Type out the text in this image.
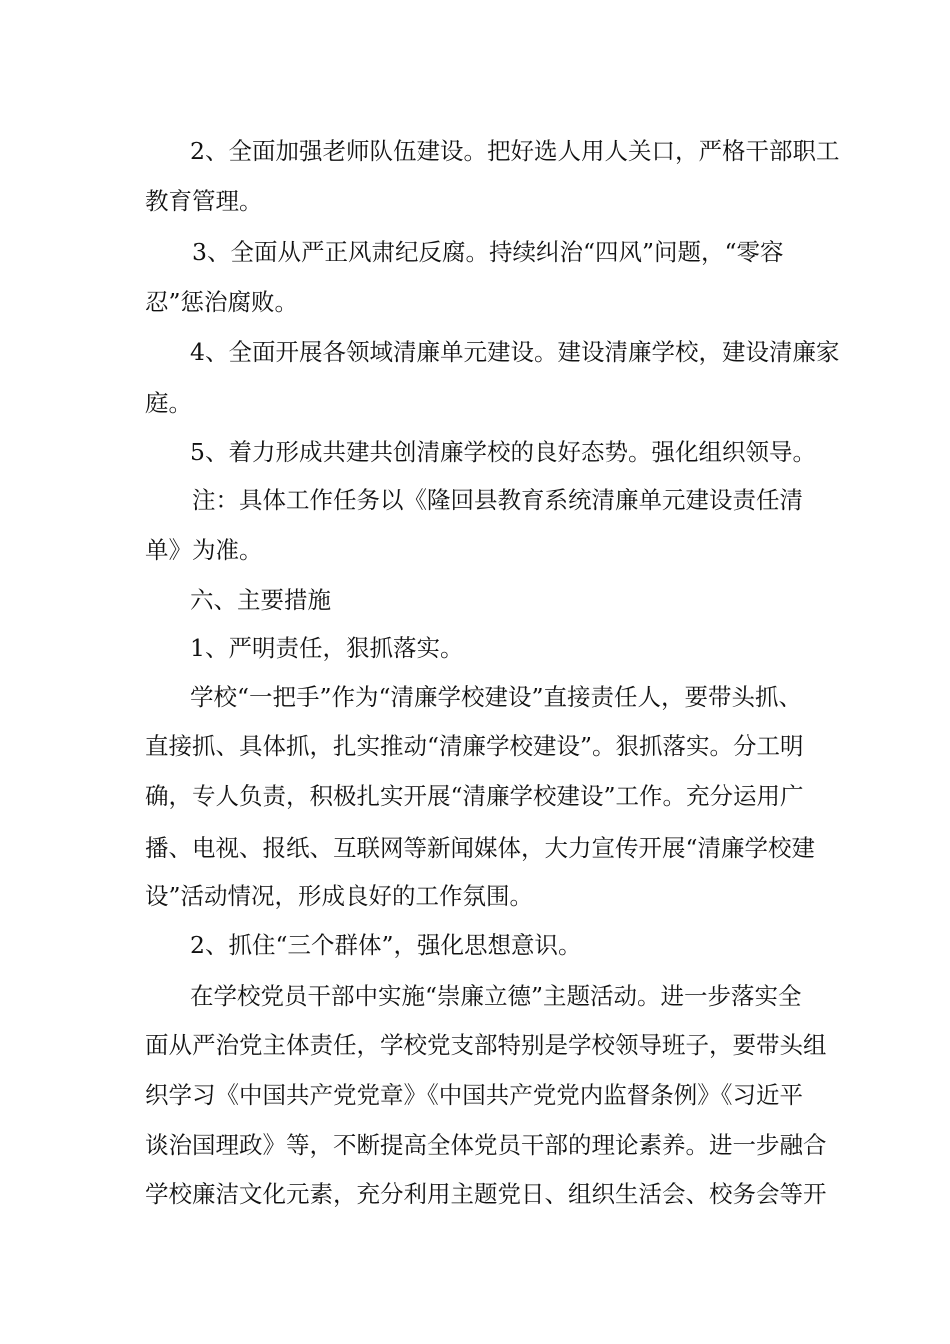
2、全面加强老师队伍建设。把好选人用人关口，严格干部职工
教育管理。
3、全面从严正风肃纪反腐。持续纠治“四风”问题，“零容
忍”惩治腐败。
4、全面开展各领域清廉单元建设。建设清廉学校，建设清廉家
庭。
5、着力形成共建共创清廉学校的良好态势。强化组织领导。
注：具体工作任务以《隆回县教育系统清廉单元建设责任清
单》为准。
六、主要措施
1、严明责任，狠抓落实。
学校“一把手”作为“清廉学校建设”直接责任人，要带头抓、
直接抓、具体抓，扎实推动“清廉学校建设”。狠抓落实。分工明
确，专人负责，积极扎实开展“清廉学校建设”工作。充分运用广
播、电视、报纸、互联网等新闻媒体，大力宣传开展“清廉学校建
设”活动情况，形成良好的工作氛围。
2、抓住“三个群体”，强化思想意识。
在学校党员干部中实施“崇廉立德”主题活动。进一步落实全
面从严治党主体责任，学校党支部特别是学校领导班子，要带头组
织学习《中国共产党党章》《中国共产党党内监督条例》《习近平
谈治国理政》等，不断提高全体党员干部的理论素养。进一步融合
学校廉洁文化元素，充分利用主题党日、组织生活会、校务会等开
